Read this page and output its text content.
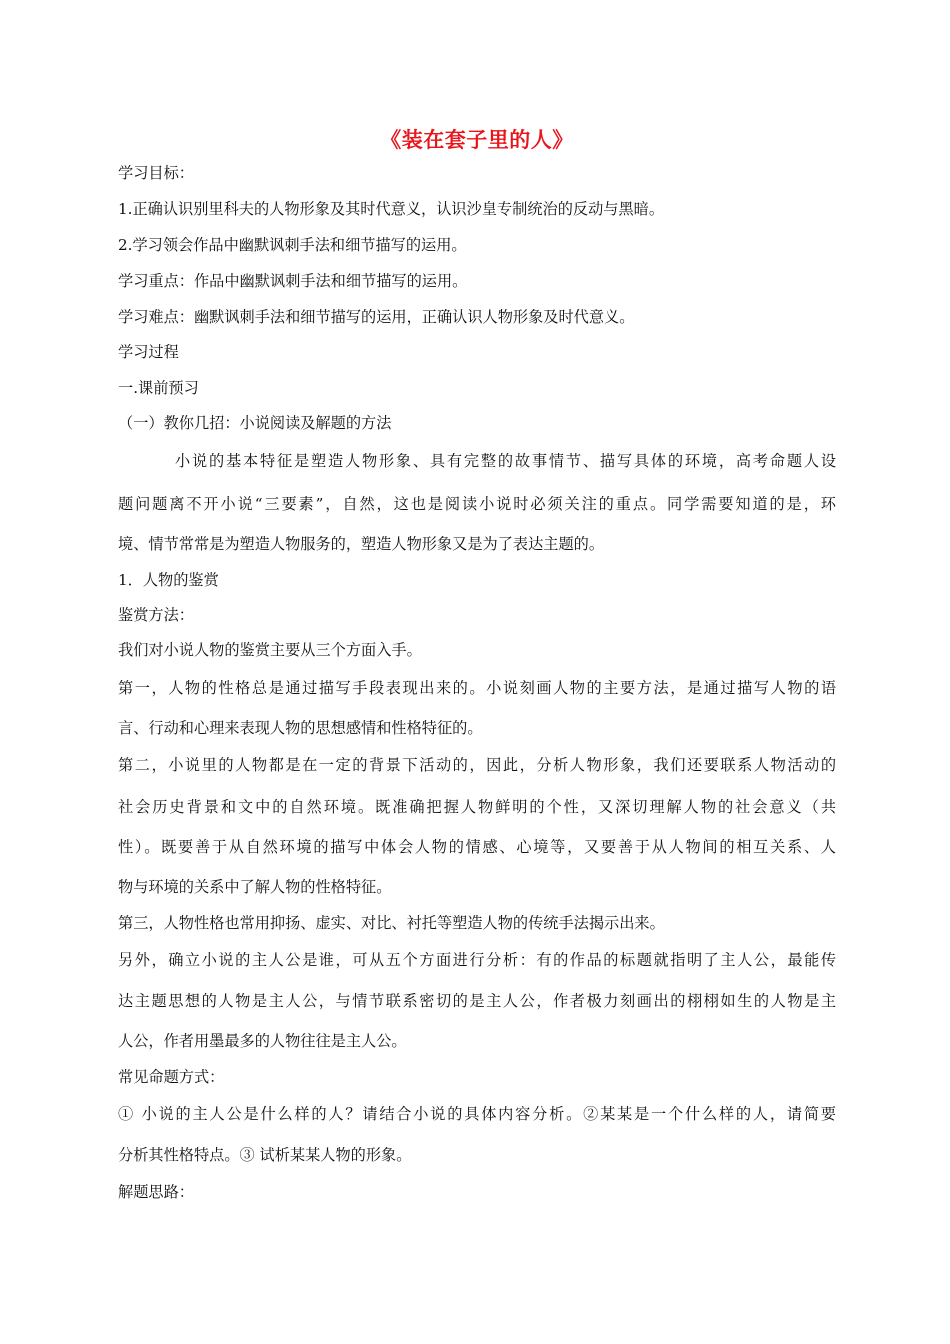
《装在套子里的人》
学习目标：
1.正确认识别里科夫的人物形象及其时代意义，认识沙皇专制统治的反动与黑暗。
2.学习领会作品中幽默讽刺手法和细节描写的运用。
学习重点：作品中幽默讽刺手法和细节描写的运用。
学习难点：幽默讽刺手法和细节描写的运用，正确认识人物形象及时代意义。
学习过程
一.课前预习
（一）教你几招：小说阅读及解题的方法
小说的基本特征是塑造人物形象、具有完整的故事情节、描写具体的环境，高考命题人设
题问题离不开小说“三要素”，自然，这也是阅读小说时必须关注的重点。同学需要知道的是，环
境、情节常常是为塑造人物服务的，塑造人物形象又是为了表达主题的。
1．人物的鉴赏
鉴赏方法：
我们对小说人物的鉴赏主要从三个方面入手。
第一，人物的性格总是通过描写手段表现出来的。小说刻画人物的主要方法，是通过描写人物的语
言、行动和心理来表现人物的思想感情和性格特征的。
第二，小说里的人物都是在一定的背景下活动的，因此，分析人物形象，我们还要联系人物活动的
社会历史背景和文中的自然环境。既准确把握人物鲜明的个性，又深切理解人物的社会意义（共
性）。既要善于从自然环境的描写中体会人物的情感、心境等，又要善于从人物间的相互关系、人
物与环境的关系中了解人物的性格特征。
第三，人物性格也常用抑扬、虚实、对比、衬托等塑造人物的传统手法揭示出来。
另外，确立小说的主人公是谁，可从五个方面进行分析：有的作品的标题就指明了主人公，最能传
达主题思想的人物是主人公，与情节联系密切的是主人公，作者极力刻画出的栩栩如生的人物是主
人公，作者用墨最多的人物往往是主人公。
常见命题方式：
① 小说的主人公是什么样的人？请结合小说的具体内容分析。②某某是一个什么样的人，请简要
分析其性格特点。③ 试析某某人物的形象。
解题思路：
